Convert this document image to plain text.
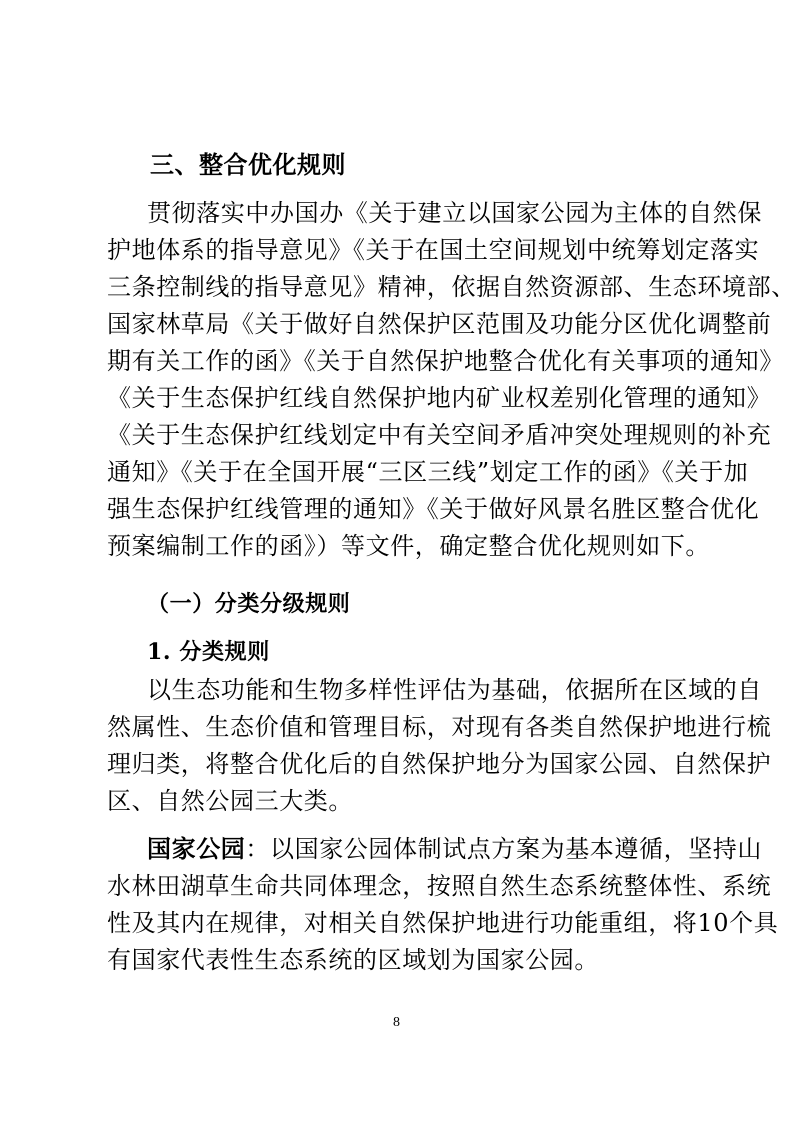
三、整合优化规则
贯彻落实中办国办《关于建立以国家公园为主体的自然保
护地体系的指导意见》《关于在国土空间规划中统筹划定落实
三条控制线的指导意见》精神，依据自然资源部、生态环境部、
国家林草局《关于做好自然保护区范围及功能分区优化调整前
期有关工作的函》《关于自然保护地整合优化有关事项的通知》
《关于生态保护红线自然保护地内矿业权差别化管理的通知》
《关于生态保护红线划定中有关空间矛盾冲突处理规则的补充
通知》《关于在全国开展“三区三线”划定工作的函》《关于加
强生态保护红线管理的通知》《关于做好风景名胜区整合优化
预案编制工作的函》）等文件，确定整合优化规则如下。
（一）分类分级规则
1. 分类规则
以生态功能和生物多样性评估为基础，依据所在区域的自
然属性、生态价值和管理目标，对现有各类自然保护地进行梳
理归类，将整合优化后的自然保护地分为国家公园、自然保护
区、自然公园三大类。
国家公园：以国家公园体制试点方案为基本遵循，坚持山
水林田湖草生命共同体理念，按照自然生态系统整体性、系统
性及其内在规律，对相关自然保护地进行功能重组，将10个具
有国家代表性生态系统的区域划为国家公园。
8
